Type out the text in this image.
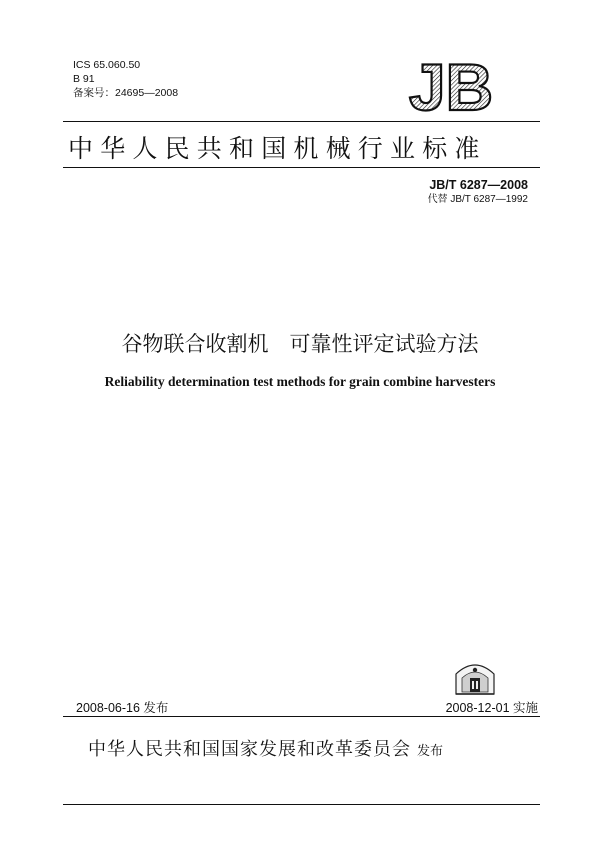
ICS 65.060.50
B 91
备案号：24695—2008	JB
中华人民共和国机械行业标准
JB/T 6287—2008
代替 JB/T 6287—1992
谷物联合收割机　可靠性评定试验方法
Reliability determination test methods for grain combine harvesters
2008-06-16 发布	2008-12-01 实施
中华人民共和国国家发展和改革委员会 发布
